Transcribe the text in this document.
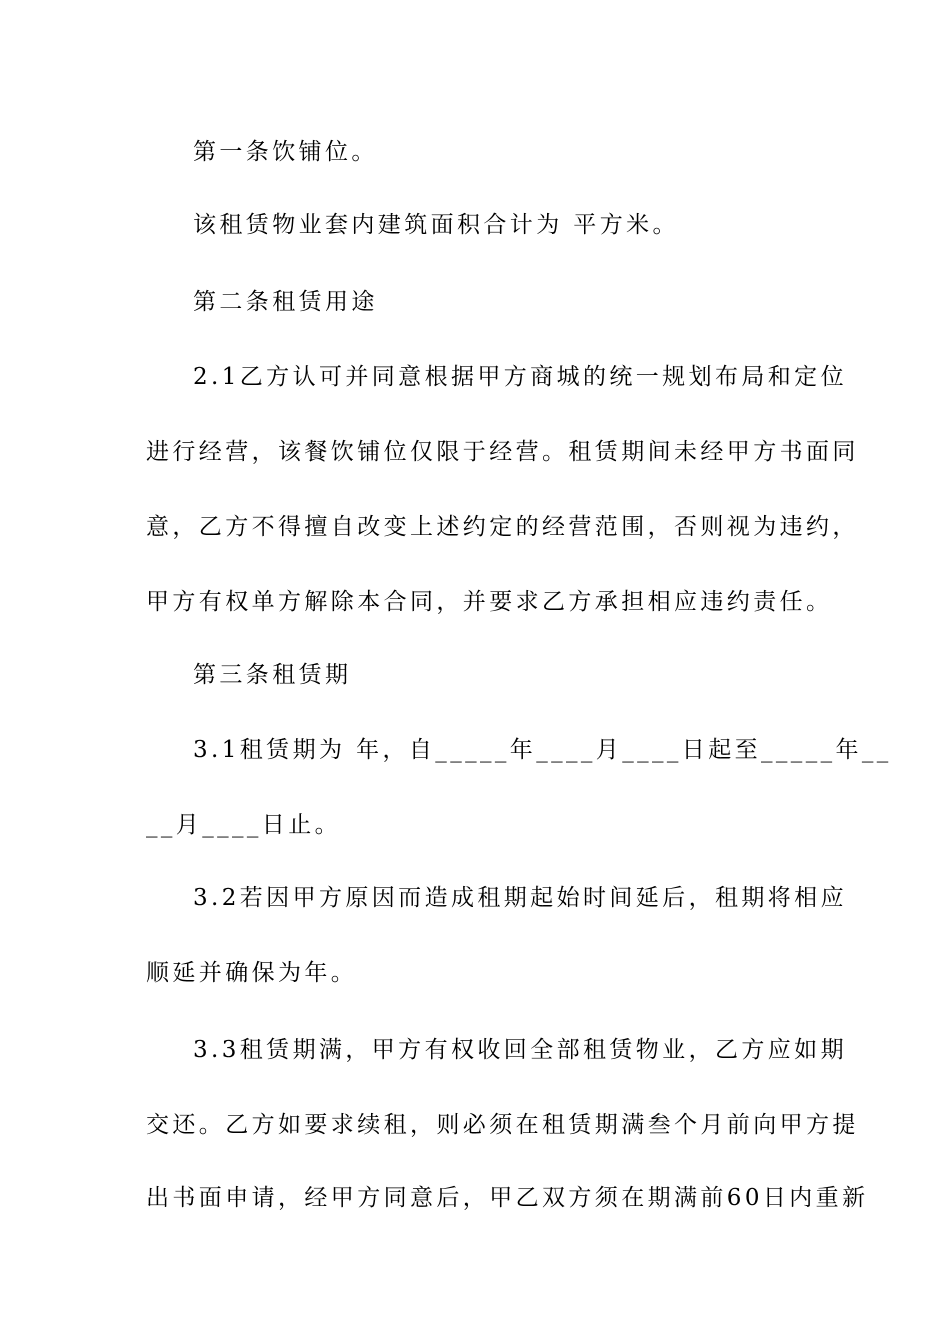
第一条饮铺位。
该租赁物业套内建筑面积合计为 平方米。
第二条租赁用途
2.1乙方认可并同意根据甲方商城的统一规划布局和定位
进行经营，该餐饮铺位仅限于经营。租赁期间未经甲方书面同
意，乙方不得擅自改变上述约定的经营范围，否则视为违约，
甲方有权单方解除本合同，并要求乙方承担相应违约责任。
第三条租赁期
3.1租赁期为 年，自_____年____月____日起至_____年__
__月____日止。
3.2若因甲方原因而造成租期起始时间延后，租期将相应
顺延并确保为年。
3.3租赁期满，甲方有权收回全部租赁物业，乙方应如期
交还。乙方如要求续租，则必须在租赁期满叁个月前向甲方提
出书面申请，经甲方同意后，甲乙双方须在期满前60日内重新
